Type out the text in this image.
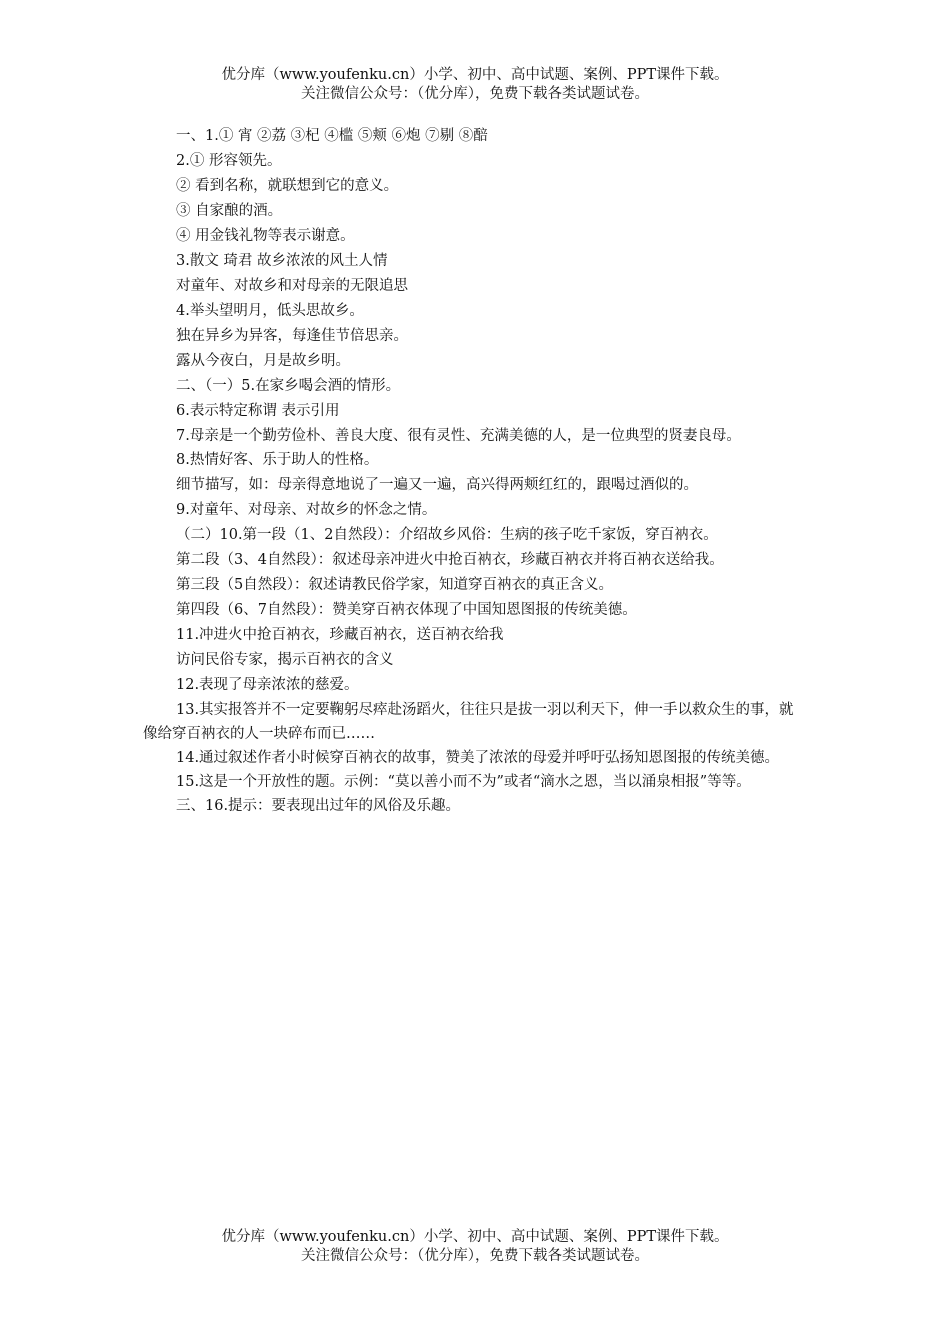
优分库（www.youfenku.cn）小学、初中、高中试题、案例、PPT课件下载。
关注微信公众号：（优分库），免费下载各类试题试卷。

一、1.① 宵 ②荔 ③杞 ④槛 ⑤颊 ⑥炮 ⑦剔 ⑧醅

2.① 形容领先。

② 看到名称，就联想到它的意义。

③ 自家酿的酒。

④ 用金钱礼物等表示谢意。

3.散文 琦君 故乡浓浓的风土人情

对童年、对故乡和对母亲的无限追思

4.举头望明月，低头思故乡。

独在异乡为异客，每逢佳节倍思亲。

露从今夜白，月是故乡明。

二、（一）5.在家乡喝会酒的情形。

6.表示特定称谓 表示引用

7.母亲是一个勤劳俭朴、善良大度、很有灵性、充满美德的人，是一位典型的贤妻良母。

8.热情好客、乐于助人的性格。

细节描写，如：母亲得意地说了一遍又一遍，高兴得两颊红红的，跟喝过酒似的。

9.对童年、对母亲、对故乡的怀念之情。

（二）10.第一段（1、2自然段）：介绍故乡风俗：生病的孩子吃千家饭，穿百衲衣。

第二段（3、4自然段）：叙述母亲冲进火中抢百衲衣，珍藏百衲衣并将百衲衣送给我。

第三段（5自然段）：叙述请教民俗学家，知道穿百衲衣的真正含义。

第四段（6、7自然段）：赞美穿百衲衣体现了中国知恩图报的传统美德。

11.冲进火中抢百衲衣，珍藏百衲衣，送百衲衣给我

访问民俗专家，揭示百衲衣的含义

12.表现了母亲浓浓的慈爱。

13.其实报答并不一定要鞠躬尽瘁赴汤蹈火，往往只是拔一羽以利天下，伸一手以救众生的事，就像给穿百衲衣的人一块碎布而已……

14.通过叙述作者小时候穿百衲衣的故事，赞美了浓浓的母爱并呼吁弘扬知恩图报的传统美德。

15.这是一个开放性的题。示例：“莫以善小而不为”或者“滴水之恩，当以涌泉相报”等等。

三、16.提示：要表现出过年的风俗及乐趣。

优分库（www.youfenku.cn）小学、初中、高中试题、案例、PPT课件下载。
关注微信公众号：（优分库），免费下载各类试题试卷。
